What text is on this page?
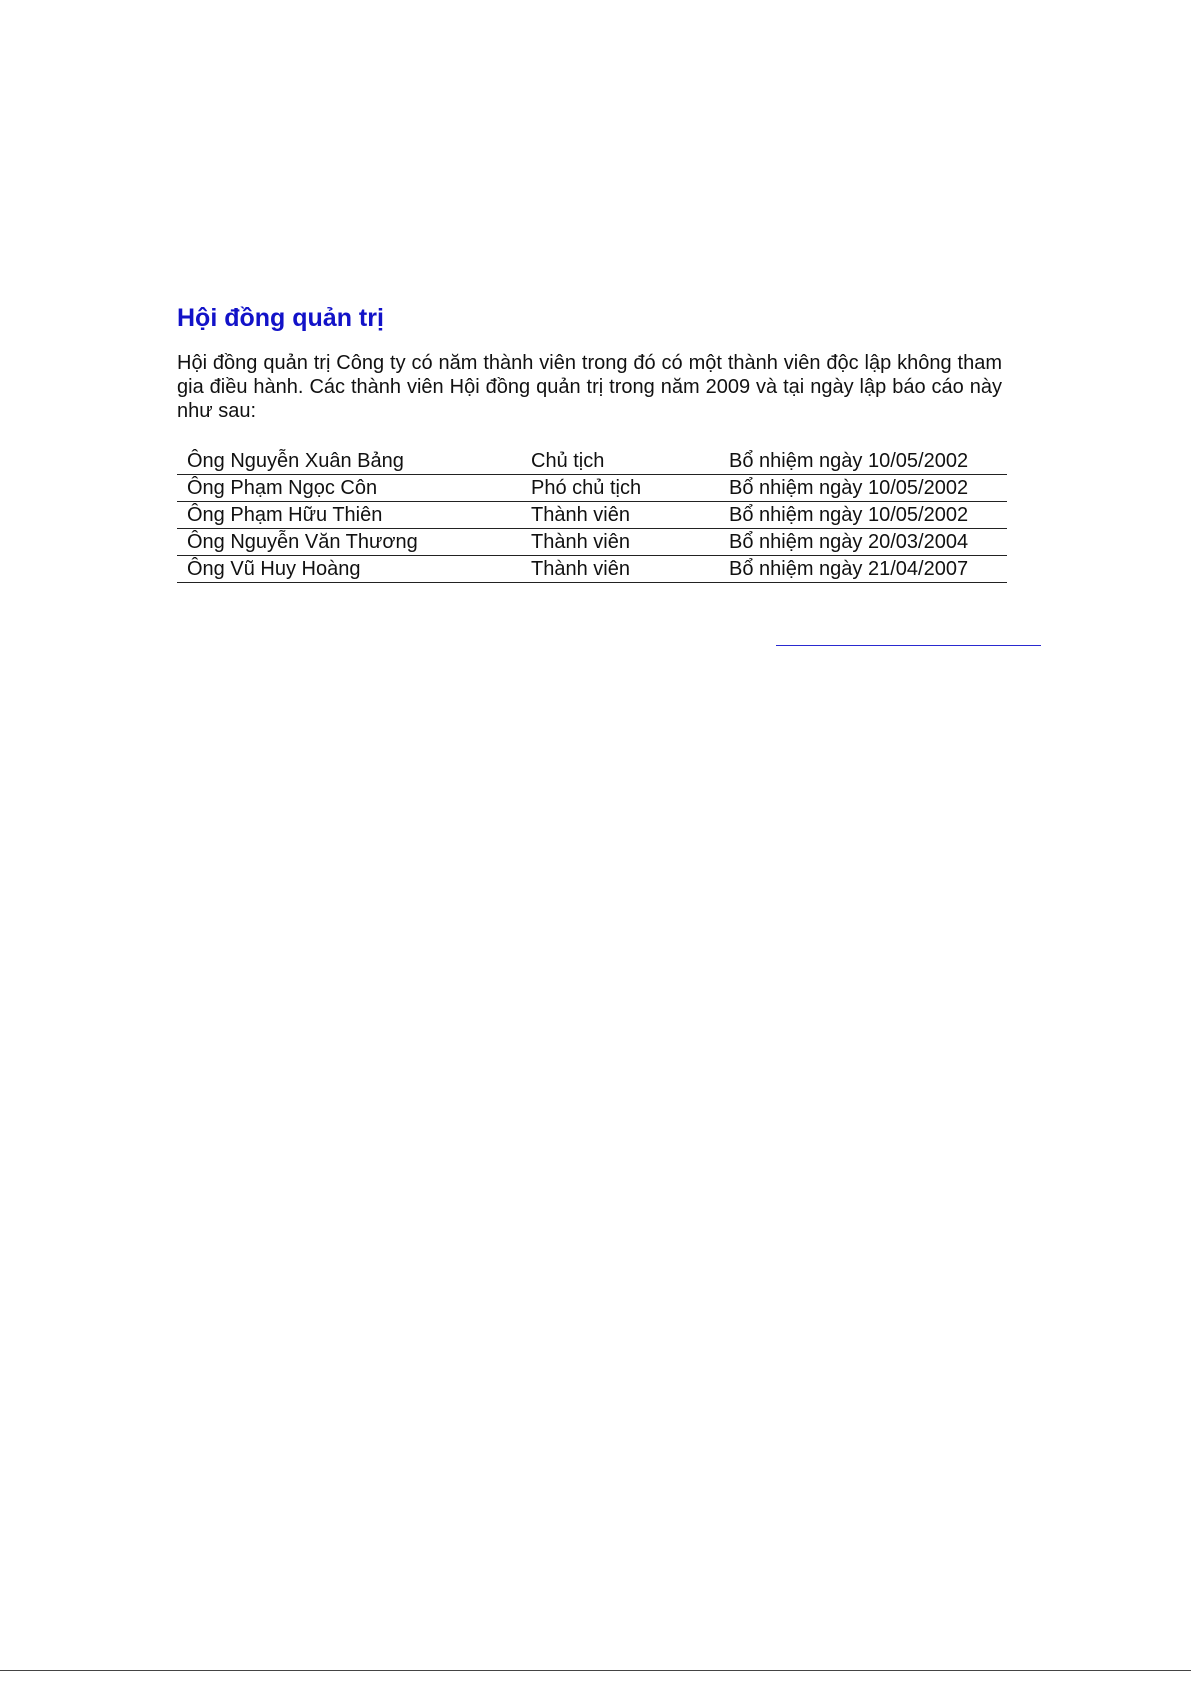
Hội đồng quản trị

Hội đồng quản trị Công ty có năm thành viên trong đó có một thành viên độc lập không tham gia điều hành. Các thành viên Hội đồng quản trị trong năm 2009 và tại ngày lập báo cáo này như sau:

Ông Nguyễn Xuân Bảng	Chủ tịch	Bổ nhiệm ngày 10/05/2002
Ông Phạm Ngọc Côn	Phó chủ tịch	Bổ nhiệm ngày 10/05/2002
Ông Phạm Hữu Thiên	Thành viên	Bổ nhiệm ngày 10/05/2002
Ông Nguyễn Văn Thương	Thành viên	Bổ nhiệm ngày 20/03/2004
Ông Vũ Huy Hoàng	Thành viên	Bổ nhiệm ngày 21/04/2007
